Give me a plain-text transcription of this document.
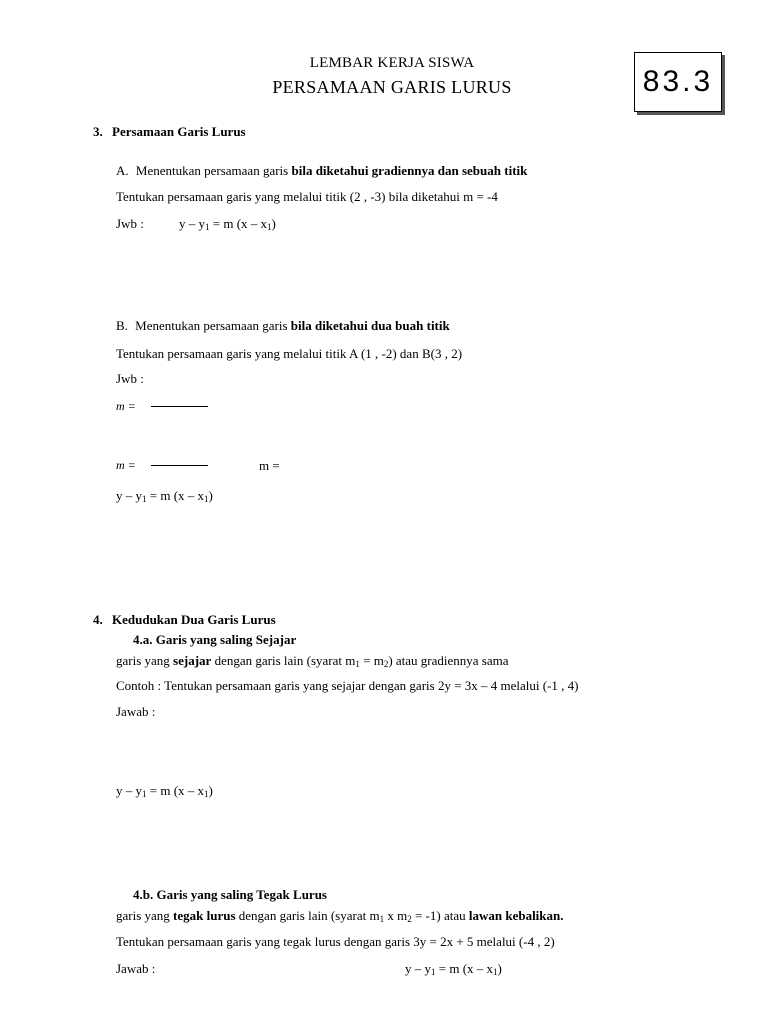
LEMBAR KERJA SISWA
PERSAMAAN GARIS LURUS	83.3
3. Persamaan Garis Lurus
A. Menentukan persamaan garis bila diketahui gradiennya dan sebuah titik
Tentukan persamaan garis yang melalui titik (2 , -3) bila diketahui m = -4
Jwb :	$y - y_1 = m$ $(x - x_1)$
B. Menentukan persamaan garis bila diketahui dua buah titik
Tentukan persamaan garis yang melalui titik A (1 , -2) dan B(3 , 2)
Jwb :
m =
m =	m =
$y - y_1 = m$ $(x - x_1)$
4. Kedudukan Dua Garis Lurus
4.a. Garis yang saling Sejajar
garis yang sejajar dengan garis lain (syarat $m_1 = m_2$) atau gradiennya sama
Contoh : Tentukan persamaan garis yang sejajar dengan garis 2y = 3x – 4 melalui (-1 , 4)
Jawab :
$y - y_1 = m$ $(x - x_1)$
4.b. Garis yang saling Tegak Lurus
garis yang tegak lurus dengan garis lain (syarat $m_1$ x $m_2 = -1$) atau lawan kebalikan.
Tentukan persamaan garis yang tegak lurus dengan garis 3y = 2x + 5 melalui (-4 , 2)
Jawab :	$y - y_1 = m$ $(x - x_1)$
